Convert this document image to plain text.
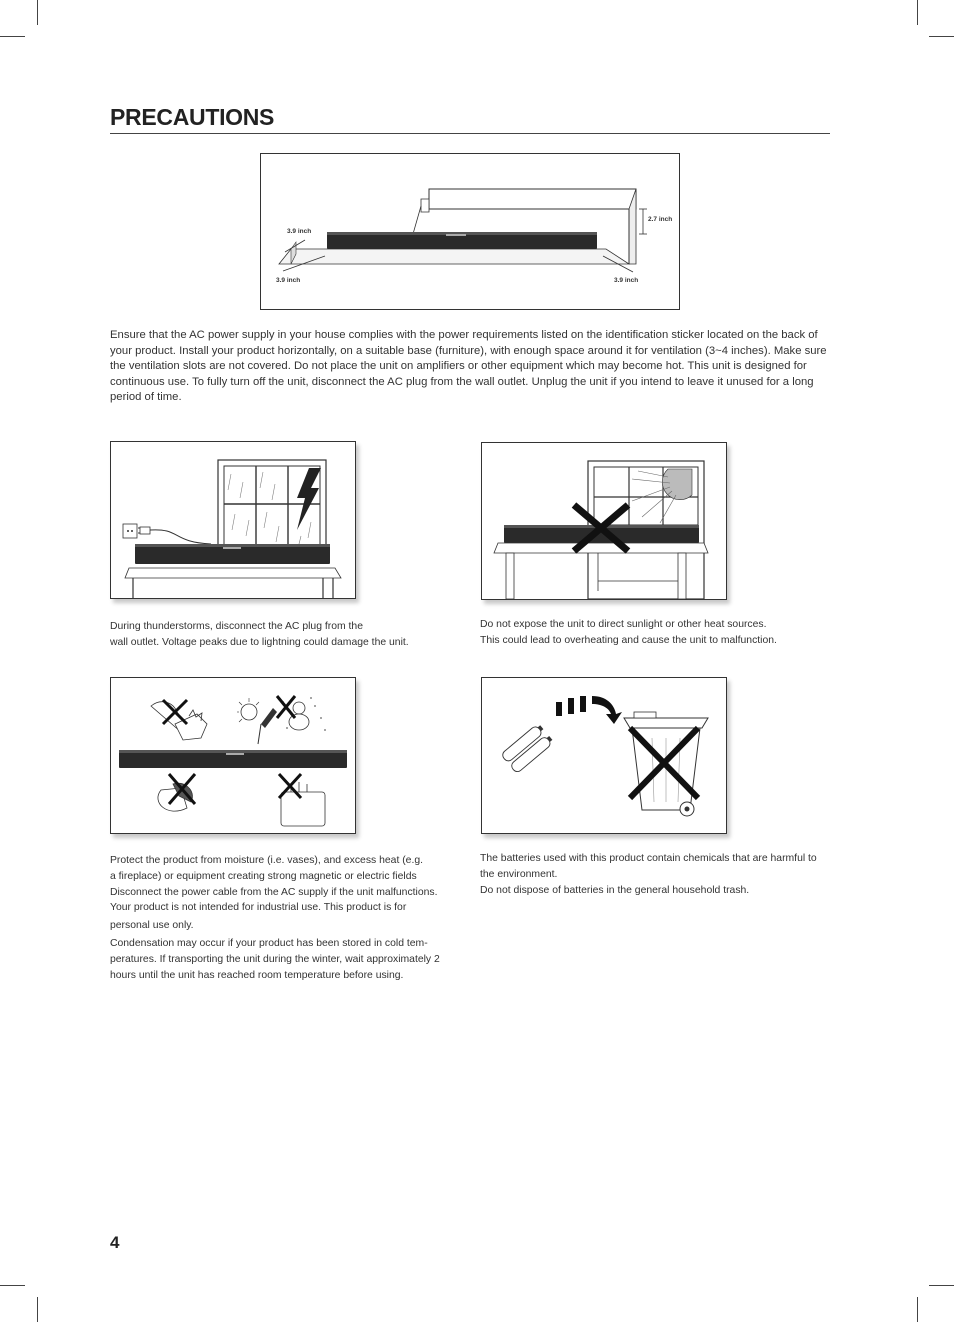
PRECAUTIONS
3.9 inch
3.9 inch	3.9 inch
2.7 inch

Ensure that the AC power supply in your house complies with the power requirements listed on the identification sticker located on the back of your product. Install your product horizontally, on a suitable base (furniture), with enough space around it for ventilation (3~4 inches). Make sure the ventilation slots are not covered. Do not place the unit on amplifiers or other equipment which may become hot. This unit is designed for continuous use. To fully turn off the unit, disconnect the AC plug from the wall outlet. Unplug the unit if you intend to leave it unused for a long period of time.

During thunderstorms, disconnect the AC plug from the
wall outlet. Voltage peaks due to lightning could damage the unit.

Do not expose the unit to direct sunlight or other heat sources.
This could lead to overheating and cause the unit to malfunction.

Protect the product from moisture (i.e. vases), and excess heat (e.g.
a fireplace) or equipment creating strong magnetic or electric fields
Disconnect the power cable from the AC supply if the unit malfunctions.
Your product is not intended for industrial use. This product is for

personal use only.

Condensation may occur if your product has been stored in cold tem-
peratures. If transporting the unit during the winter, wait approximately 2
hours until the unit has reached room temperature before using.

The batteries used with this product contain chemicals that are harmful to
the environment.
Do not dispose of batteries in the general household trash.

4
